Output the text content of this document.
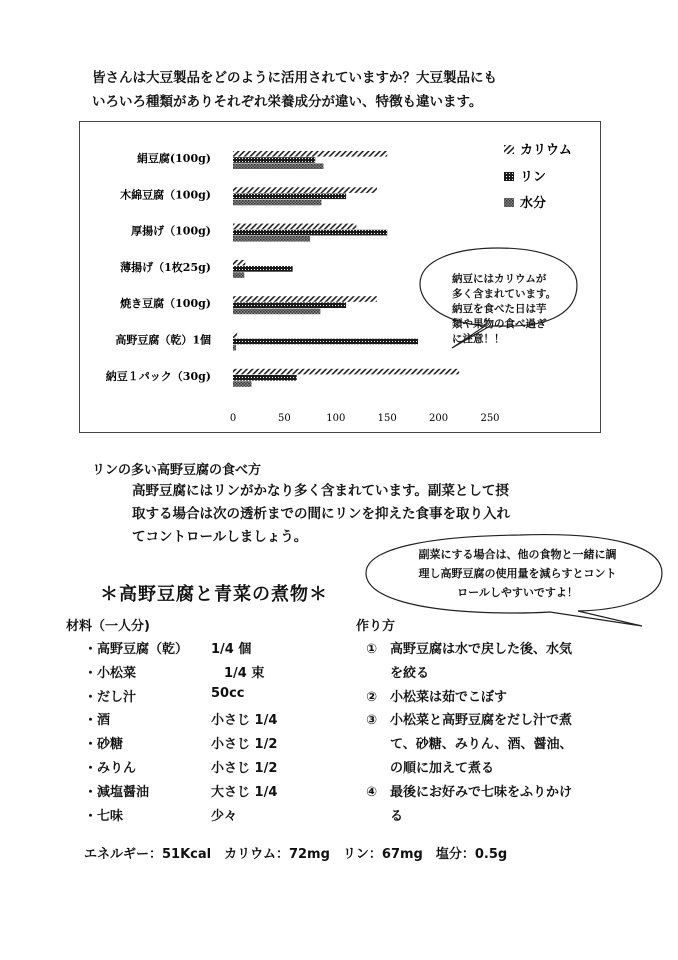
皆さんは大豆製品をどのように活用されていますか？大豆製品にも
いろいろ種類がありそれぞれ栄養成分が違い、特徴も違います。
絹豆腐(100g)
木綿豆腐（100g)
厚揚げ（100g)
薄揚げ（1枚25g)
焼き豆腐（100g)
高野豆腐（乾）1個
納豆１パック（30g)
0	50	100	150	200	250
カリウム
リン
水分
納豆にはカリウムが
多く含まれています。
納豆を食べた日は芋
類や果物の食べ過ぎ
に注意！！
リンの多い高野豆腐の食べ方
高野豆腐にはリンがかなり多く含まれています。副菜として摂
取する場合は次の透析までの間にリンを抑えた食事を取り入れ
てコントロールしましょう。
副菜にする場合は、他の食物と一緒に調
理し高野豆腐の使用量を減らすとコント
ロールしやすいですよ！
＊高野豆腐と青菜の煮物＊
材料（一人分)
・高野豆腐（乾）	1/4 個
・小松菜	　1/4 束
・だし汁	50cc
・酒	小さじ 1/4
・砂糖	小さじ 1/2
・みりん	小さじ 1/2
・減塩醤油	大さじ 1/4
・七味	少々
作り方
① 高野豆腐は水で戻した後、水気
を絞る
② 小松菜は茹でこぼす
③ 小松菜と高野豆腐をだし汁で煮
て、砂糖、みりん、酒、醤油、
の順に加えて煮る
④ 最後にお好みで七味をふりかけ
る
エネルギー：51Kcal　カリウム：72mg　リン：67mg　塩分：0.5g
